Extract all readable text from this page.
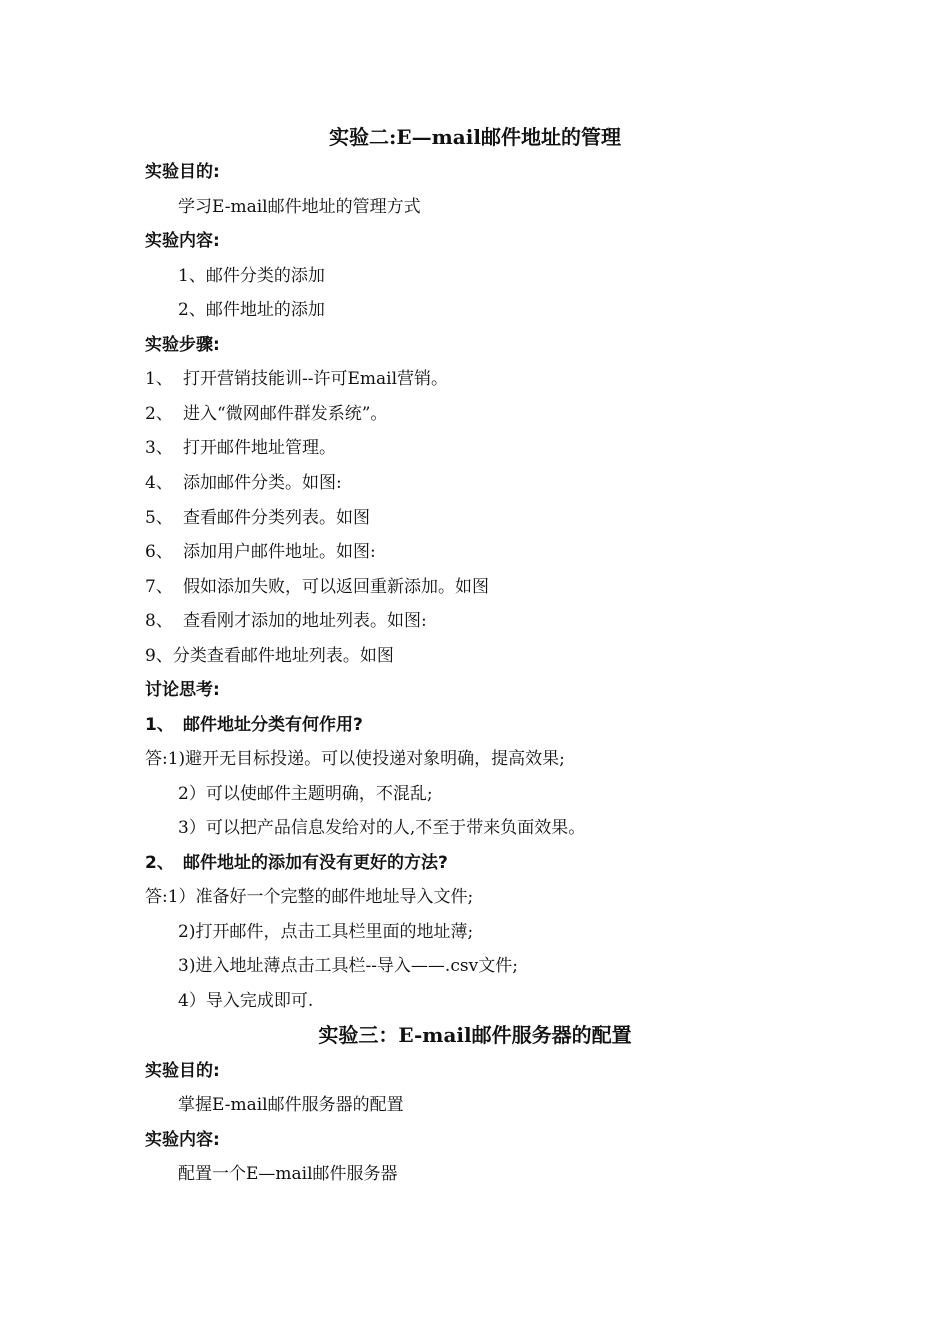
实验二:E—mail邮件地址的管理
实验目的:
学习E-mail邮件地址的管理方式
实验内容:
1、邮件分类的添加
2、邮件地址的添加
实验步骤:
1、 打开营销技能训--许可Email营销。
2、 进入“微网邮件群发系统”。
3、 打开邮件地址管理。
4、 添加邮件分类。如图:
5、 查看邮件分类列表。如图
6、 添加用户邮件地址。如图:
7、 假如添加失败，可以返回重新添加。如图
8、 查看刚才添加的地址列表。如图:
9、分类查看邮件地址列表。如图
讨论思考:
1、 邮件地址分类有何作用?
答:1)避开无目标投递。可以使投递对象明确，提高效果;
2）可以使邮件主题明确，不混乱;
3）可以把产品信息发给对的人,不至于带来负面效果。
2、 邮件地址的添加有没有更好的方法?
答:1）准备好一个完整的邮件地址导入文件;
2)打开邮件，点击工具栏里面的地址薄;
3)进入地址薄点击工具栏--导入——.csv文件;
4）导入完成即可.
实验三：E-mail邮件服务器的配置
实验目的:
掌握E-mail邮件服务器的配置
实验内容:
配置一个E—mail邮件服务器
